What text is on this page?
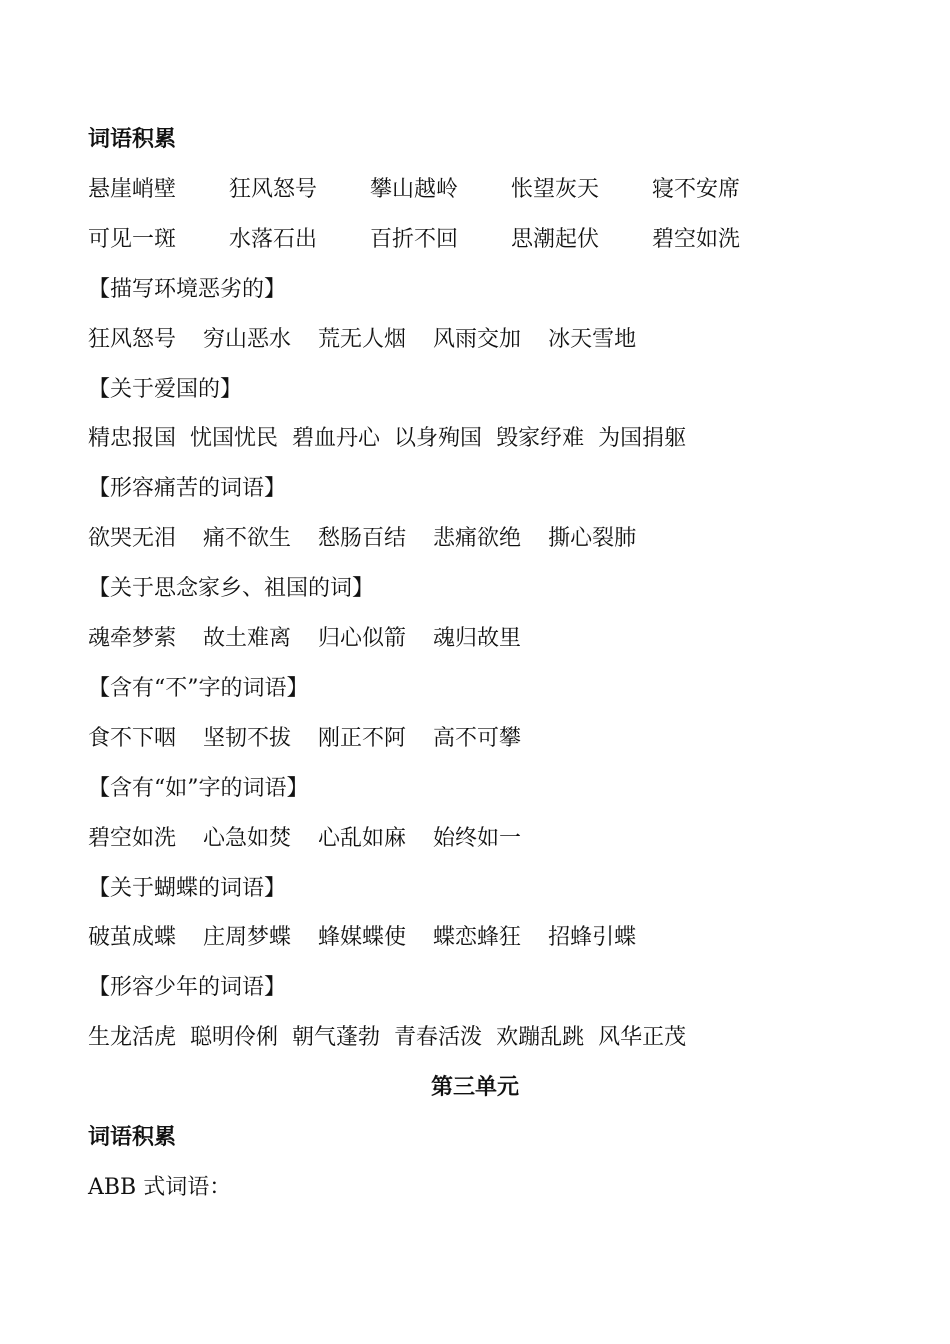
词语积累
悬崖峭壁	狂风怒号	攀山越岭	怅望灰天	寝不安席
可见一斑	水落石出	百折不回	思潮起伏	碧空如洗
【描写环境恶劣的】
狂风怒号 穷山恶水 荒无人烟 风雨交加 冰天雪地
【关于爱国的】
精忠报国 忧国忧民 碧血丹心 以身殉国 毁家纾难 为国捐躯
【形容痛苦的词语】
欲哭无泪 痛不欲生 愁肠百结 悲痛欲绝 撕心裂肺
【关于思念家乡、祖国的词】
魂牵梦萦 故土难离 归心似箭 魂归故里
【含有“不”字的词语】
食不下咽 坚韧不拔 刚正不阿 高不可攀
【含有“如”字的词语】
碧空如洗 心急如焚 心乱如麻 始终如一
【关于蝴蝶的词语】
破茧成蝶 庄周梦蝶 蜂媒蝶使 蝶恋蜂狂 招蜂引蝶
【形容少年的词语】
生龙活虎 聪明伶俐 朝气蓬勃 青春活泼 欢蹦乱跳 风华正茂
第三单元
词语积累
ABB 式词语：
